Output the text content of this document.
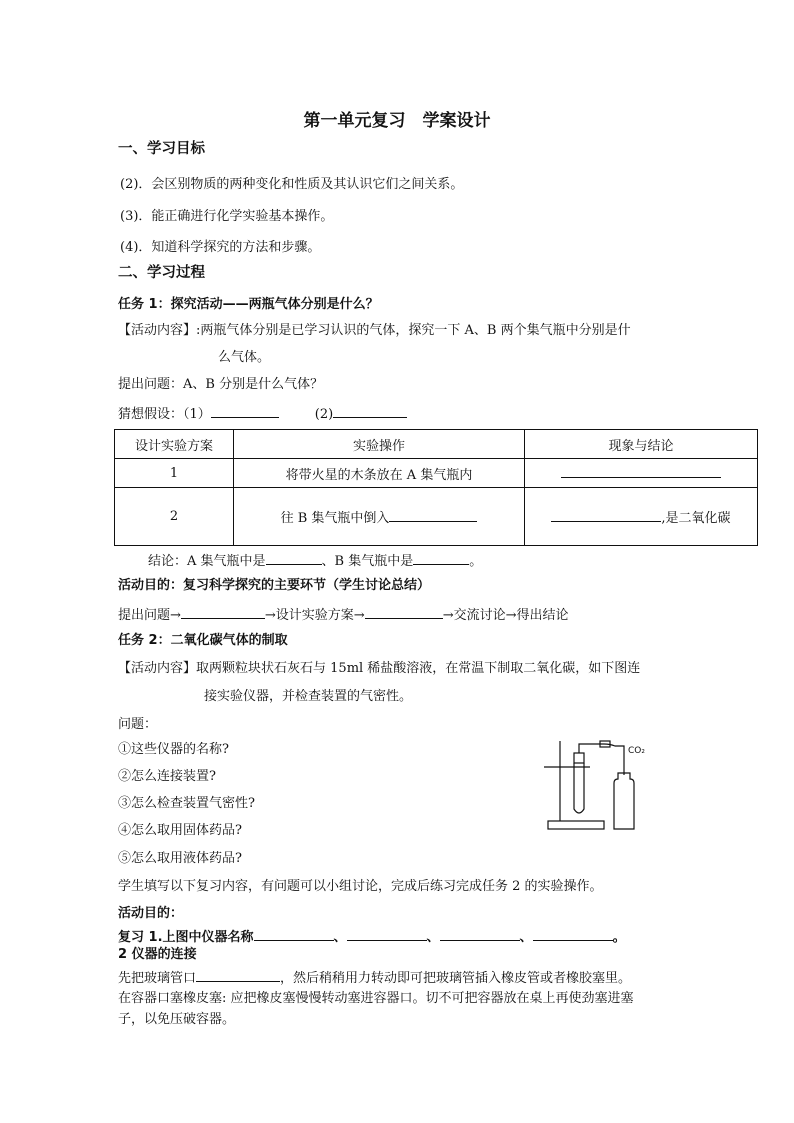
第一单元复习　学案设计
一、学习目标
(2)．会区别物质的两种变化和性质及其认识它们之间关系。
(3)．能正确进行化学实验基本操作。
(4)．知道科学探究的方法和步骤。
二、学习过程
任务 1：探究活动——两瓶气体分别是什么？
【活动内容】:两瓶气体分别是已学习认识的气体，探究一下 A、B 两个集气瓶中分别是什
么气体。
提出问题：A、B 分别是什么气体？
猜想假设：（1）	(2)
设计实验方案	实验操作	现象与结论
1	将带火星的木条放在 A 集气瓶内	
2	往 B 集气瓶中倒入	,是二氧化碳
结论：A 集气瓶中是	、B 集气瓶中是	。
活动目的：复习科学探究的主要环节（学生讨论总结）
提出问题→	→设计实验方案→	→交流讨论→得出结论
任务 2：二氧化碳气体的制取
【活动内容】取两颗粒块状石灰石与 15ml 稀盐酸溶液，在常温下制取二氧化碳，如下图连
接实验仪器，并检查装置的气密性。
问题：
①这些仪器的名称?
②怎么连接装置?
③怎么检查装置气密性?
④怎么取用固体药品?
⑤怎么取用液体药品?
CO₂
学生填写以下复习内容，有问题可以小组讨论，完成后练习完成任务 2 的实验操作。
活动目的：
复习 1.上图中仪器名称	、	、	、	。
2 仪器的连接
先把玻璃管口	，然后稍稍用力转动即可把玻璃管插入橡皮管或者橡胶塞里。
在容器口塞橡皮塞: 应把橡皮塞慢慢转动塞进容器口。切不可把容器放在桌上再使劲塞进塞
子，以免压破容器。
